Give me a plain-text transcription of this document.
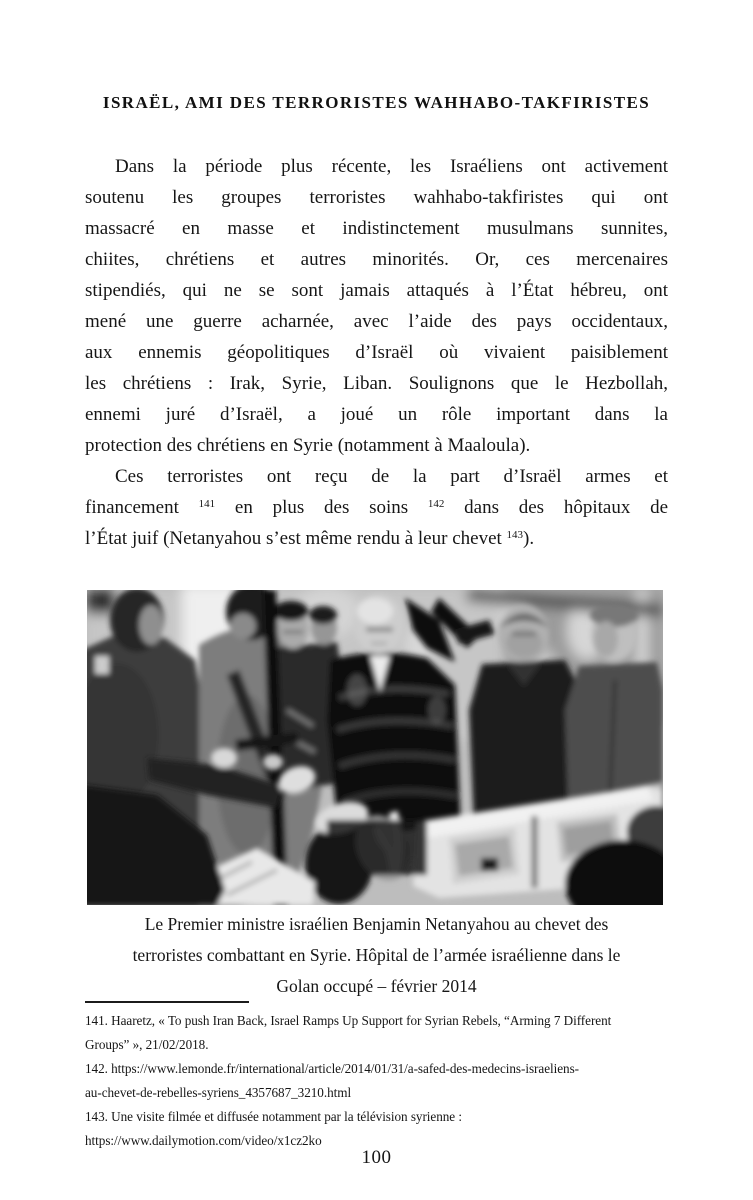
ISRAËL, AMI DES TERRORISTES WAHHABO-TAKFIRISTES
Dans la période plus récente, les Israéliens ont activement
soutenu les groupes terroristes wahhabo-takfiristes qui ont
massacré en masse et indistinctement musulmans sunnites,
chiites, chrétiens et autres minorités. Or, ces mercenaires
stipendiés, qui ne se sont jamais attaqués à l’État hébreu, ont
mené une guerre acharnée, avec l’aide des pays occidentaux,
aux ennemis géopolitiques d’Israël où vivaient paisiblement
les chrétiens : Irak, Syrie, Liban. Soulignons que le Hezbollah,
ennemi juré d’Israël, a joué un rôle important dans la
protection des chrétiens en Syrie (notamment à Maaloula).
Ces terroristes ont reçu de la part d’Israël armes et
financement $^{141}$ en plus des soins $^{142}$ dans des hôpitaux de
l’État juif (Netanyahou s’est même rendu à leur chevet $^{143}$).
Le Premier ministre israélien Benjamin Netanyahou au chevet des
terroristes combattant en Syrie. Hôpital de l’armée israélienne dans le
Golan occupé – février 2014
141. Haaretz, « To push Iran Back, Israel Ramps Up Support for Syrian Rebels, “Arming 7 Different
Groups” », 21/02/2018.
142. https://www.lemonde.fr/international/article/2014/01/31/a-safed-des-medecins-israeliens-
au-chevet-de-rebelles-syriens_4357687_3210.html
143. Une visite filmée et diffusée notamment par la télévision syrienne :
https://www.dailymotion.com/video/x1cz2ko
100
